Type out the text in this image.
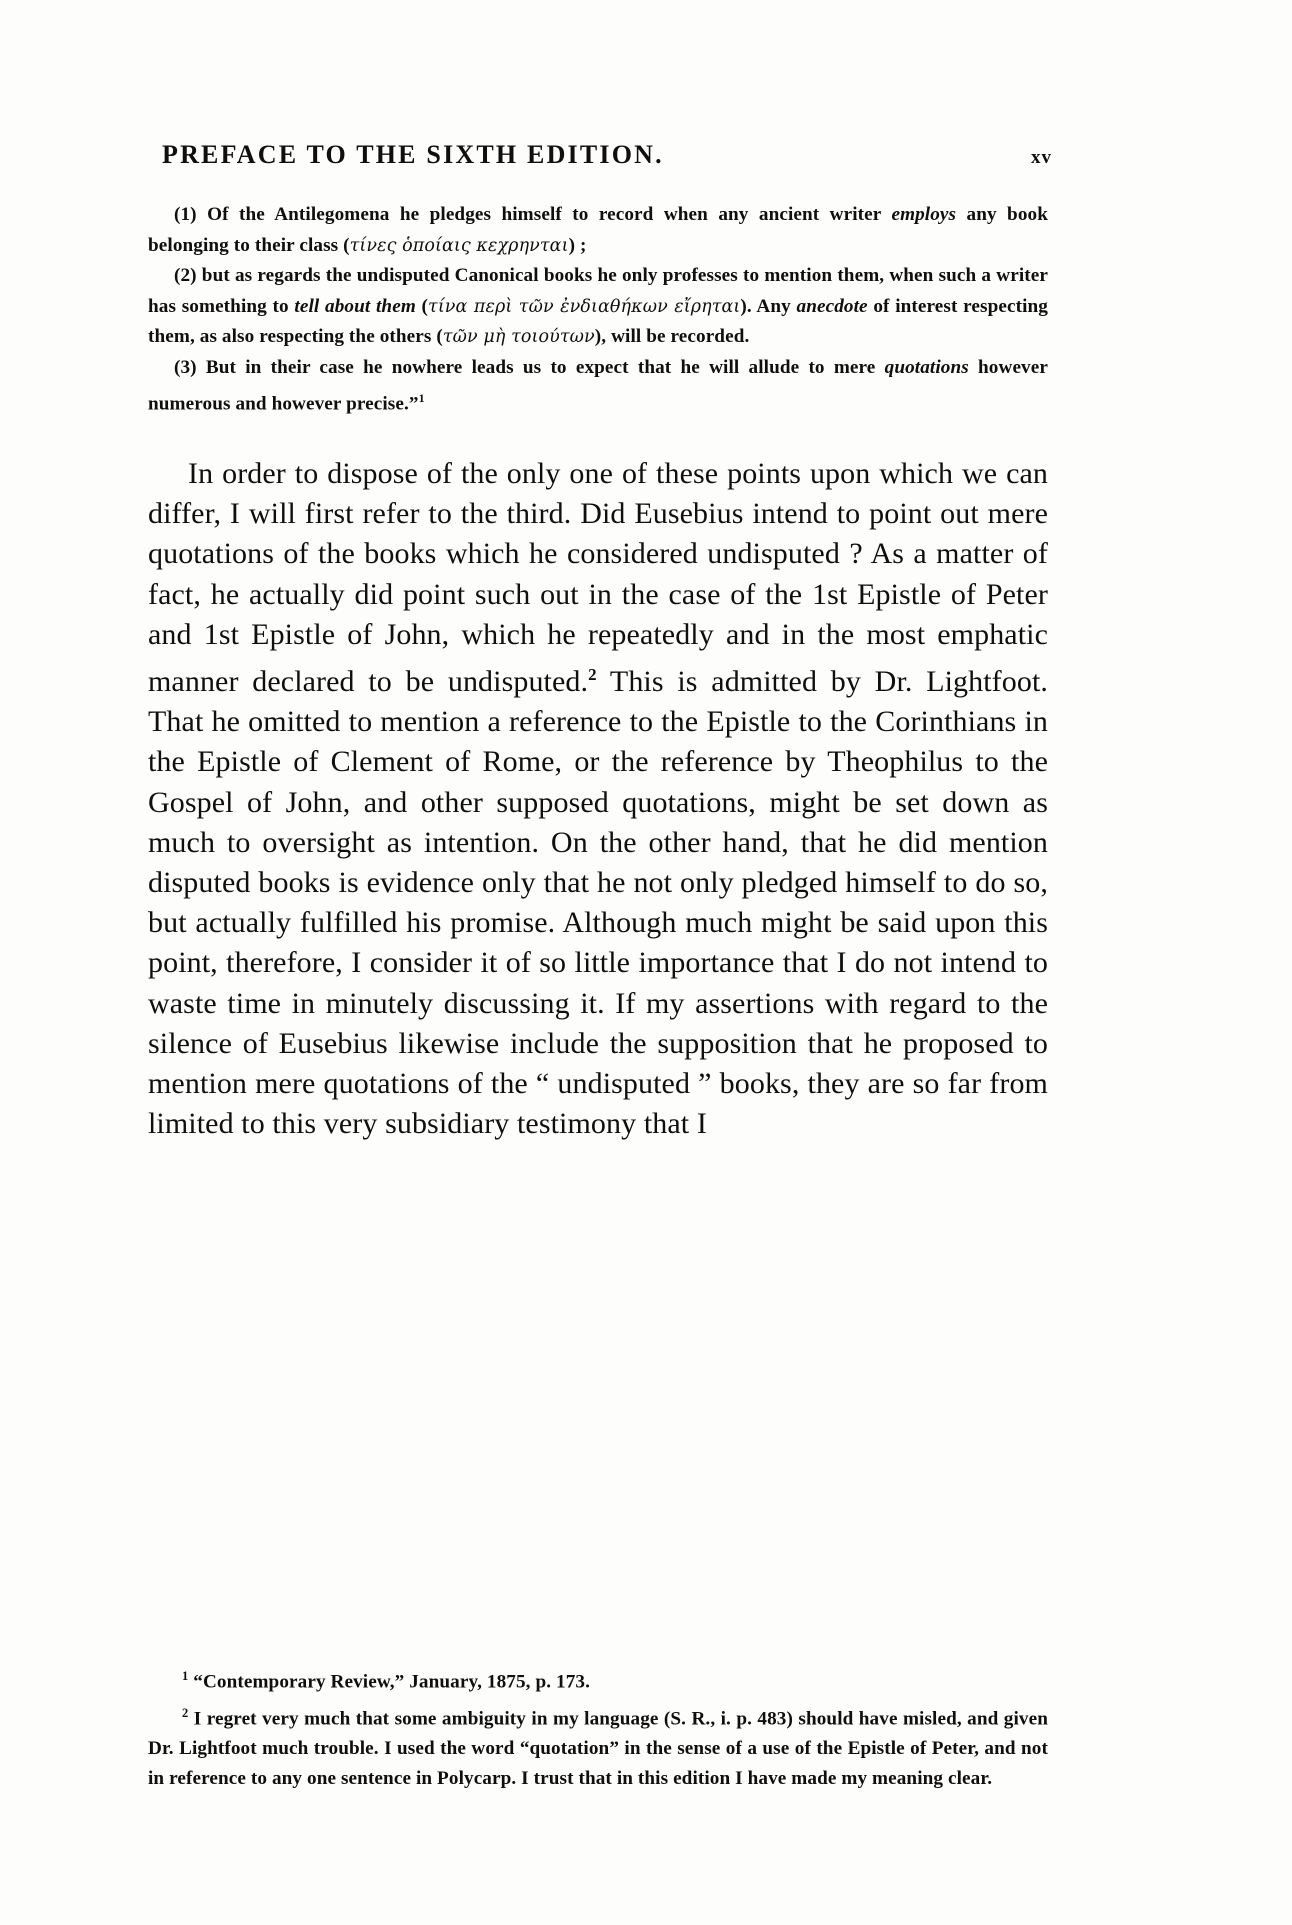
PREFACE TO THE SIXTH EDITION.	xv

(1) Of the Antilegomena he pledges himself to record when any ancient writer employs any book belonging to their class (τίνες ὁποίαις κεχρηνται) ;

(2) but as regards the undisputed Canonical books he only professes to mention them, when such a writer has something to tell about them (τίνα περὶ τῶν ἐνδιαθήκων εἴρηται). Any anecdote of interest respecting them, as also respecting the others (τῶν μὴ τοιούτων), will be recorded.

(3) But in their case he nowhere leads us to expect that he will allude to mere quotations however numerous and however precise.”$^1$

In order to dispose of the only one of these points upon which we can differ, I will first refer to the third. Did Eusebius intend to point out mere quotations of the books which he considered undisputed ? As a matter of fact, he actually did point such out in the case of the 1st Epistle of Peter and 1st Epistle of John, which he repeatedly and in the most emphatic manner declared to be undisputed.$^2$ This is admitted by Dr. Lightfoot. That he omitted to mention a reference to the Epistle to the Corinthians in the Epistle of Clement of Rome, or the reference by Theophilus to the Gospel of John, and other supposed quotations, might be set down as much to oversight as intention. On the other hand, that he did mention disputed books is evidence only that he not only pledged himself to do so, but actually fulfilled his promise. Although much might be said upon this point, therefore, I consider it of so little importance that I do not intend to waste time in minutely discussing it. If my assertions with regard to the silence of Eusebius likewise include the supposition that he proposed to mention mere quotations of the “ undisputed ” books, they are so far from limited to this very subsidiary testimony that I

$^1$ “Contemporary Review,” January, 1875, p. 173.

$^2$ I regret very much that some ambiguity in my language (S. R., i. p. 483) should have misled, and given Dr. Lightfoot much trouble. I used the word “quotation” in the sense of a use of the Epistle of Peter, and not in reference to any one sentence in Polycarp. I trust that in this edition I have made my meaning clear.
